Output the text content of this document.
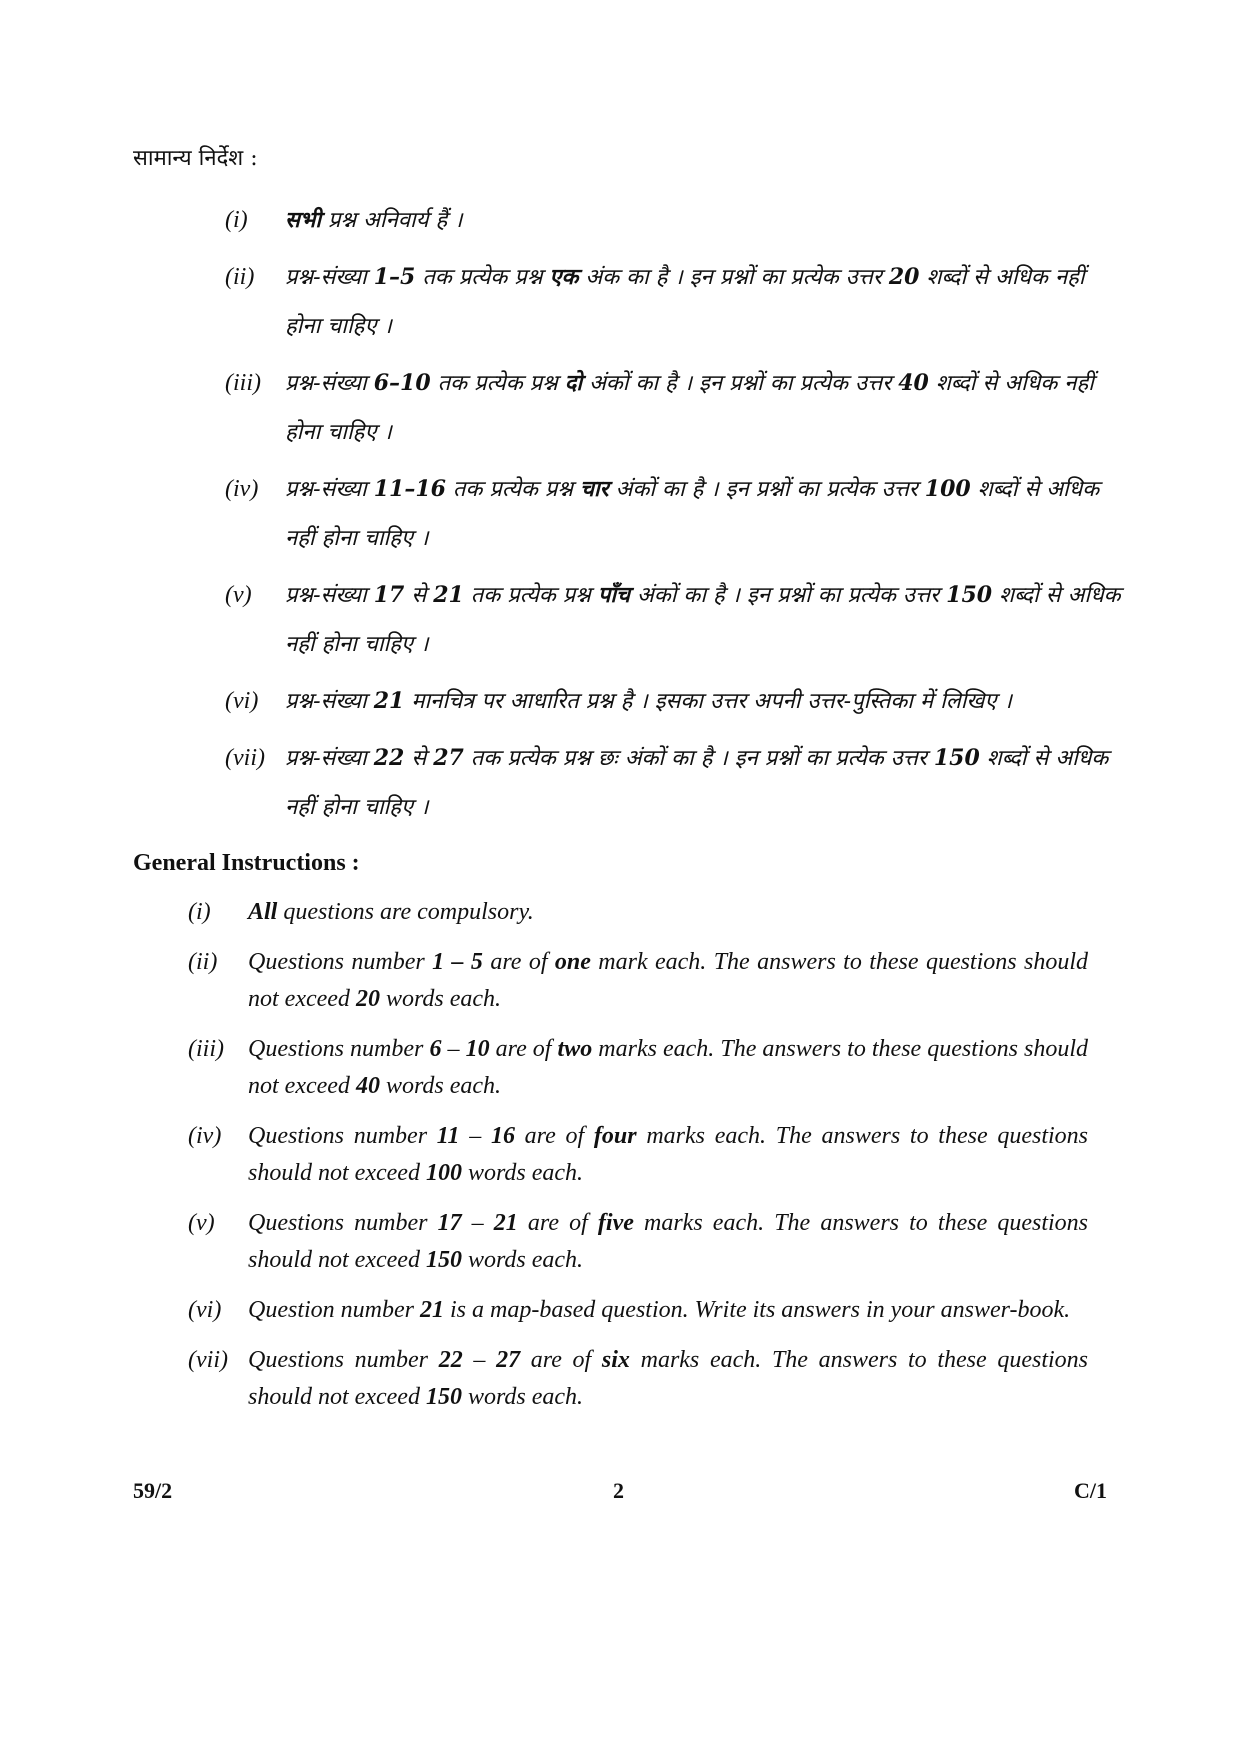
सामान्य निर्देश :
(i)	सभी प्रश्न अनिवार्य हैं ।
(ii)	प्रश्न-संख्या 1–5 तक प्रत्येक प्रश्न एक अंक का है । इन प्रश्नों का प्रत्येक उत्तर 20 शब्दों से अधिक नहीं होना चाहिए ।
(iii)	प्रश्न-संख्या 6–10 तक प्रत्येक प्रश्न दो अंकों का है । इन प्रश्नों का प्रत्येक उत्तर 40 शब्दों से अधिक नहीं होना चाहिए ।
(iv)	प्रश्न-संख्या 11–16 तक प्रत्येक प्रश्न चार अंकों का है । इन प्रश्नों का प्रत्येक उत्तर 100 शब्दों से अधिक नहीं होना चाहिए ।
(v)	प्रश्न-संख्या 17 से 21 तक प्रत्येक प्रश्न पाँच अंकों का है । इन प्रश्नों का प्रत्येक उत्तर 150 शब्दों से अधिक नहीं होना चाहिए ।
(vi)	प्रश्न-संख्या 21 मानचित्र पर आधारित प्रश्न है । इसका उत्तर अपनी उत्तर-पुस्तिका में लिखिए ।
(vii) प्रश्न-संख्या 22 से 27 तक प्रत्येक प्रश्न छः अंकों का है । इन प्रश्नों का प्रत्येक उत्तर 150 शब्दों से अधिक नहीं होना चाहिए ।
General Instructions :
(i)	All questions are compulsory.
(ii)	Questions number 1 – 5 are of one mark each. The answers to these questions should not exceed 20 words each.
(iii)	Questions number 6 – 10 are of two marks each. The answers to these questions should not exceed 40 words each.
(iv)	Questions number 11 – 16 are of four marks each. The answers to these questions should not exceed 100 words each.
(v)	Questions number 17 – 21 are of five marks each. The answers to these questions should not exceed 150 words each.
(vi)	Question number 21 is a map-based question. Write its answers in your answer-book.
(vii) Questions number 22 – 27 are of six marks each. The answers to these questions should not exceed 150 words each.
59/2	2	C/1
